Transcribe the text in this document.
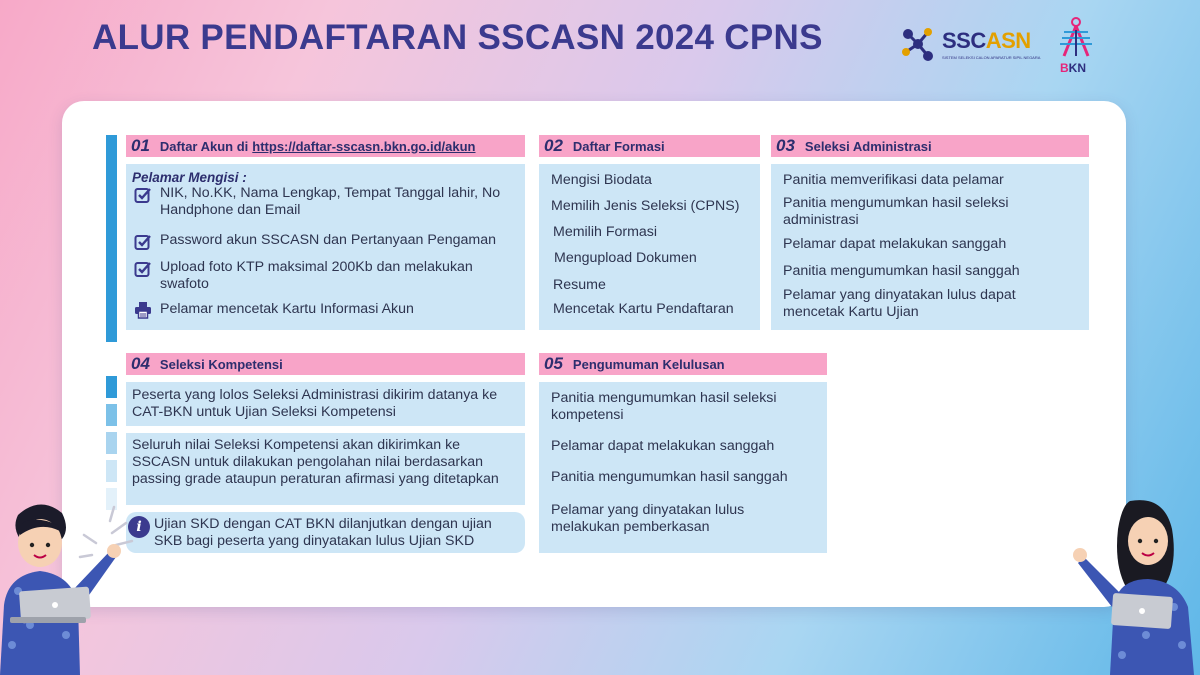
ALUR PENDAFTARAN SSCASN 2024 CPNS	SSCASN
SISTEM SELEKSI CALON APARATUR SIPIL NEGARA
BKN
01 Daftar Akun di https://daftar-sscasn.bkn.go.id/akun
Pelamar Mengisi :
NIK, No.KK, Nama Lengkap, Tempat Tanggal lahir, No Handphone dan Email
Password akun SSCASN dan Pertanyaan Pengaman
Upload foto KTP maksimal 200Kb dan melakukan swafoto
Pelamar mencetak Kartu Informasi Akun
02 Daftar Formasi
Mengisi Biodata
Memilih Jenis Seleksi (CPNS)
Memilih Formasi
Mengupload Dokumen
Resume
Mencetak Kartu Pendaftaran
03 Seleksi Administrasi
Panitia memverifikasi data pelamar
Panitia mengumumkan hasil seleksi administrasi
Pelamar dapat melakukan sanggah
Panitia mengumumkan hasil sanggah
Pelamar yang dinyatakan lulus dapat mencetak Kartu Ujian
04 Seleksi Kompetensi
Peserta yang lolos Seleksi Administrasi dikirim datanya ke CAT-BKN untuk Ujian Seleksi Kompetensi
Seluruh nilai Seleksi Kompetensi akan dikirimkan ke SSCASN untuk dilakukan pengolahan nilai berdasarkan passing grade ataupun peraturan afirmasi yang ditetapkan
i Ujian SKD dengan CAT BKN dilanjutkan dengan ujian SKB bagi peserta yang dinyatakan lulus Ujian SKD
05 Pengumuman Kelulusan
Panitia mengumumkan hasil seleksi kompetensi
Pelamar dapat melakukan sanggah
Panitia mengumumkan hasil sanggah
Pelamar yang dinyatakan lulus melakukan pemberkasan
